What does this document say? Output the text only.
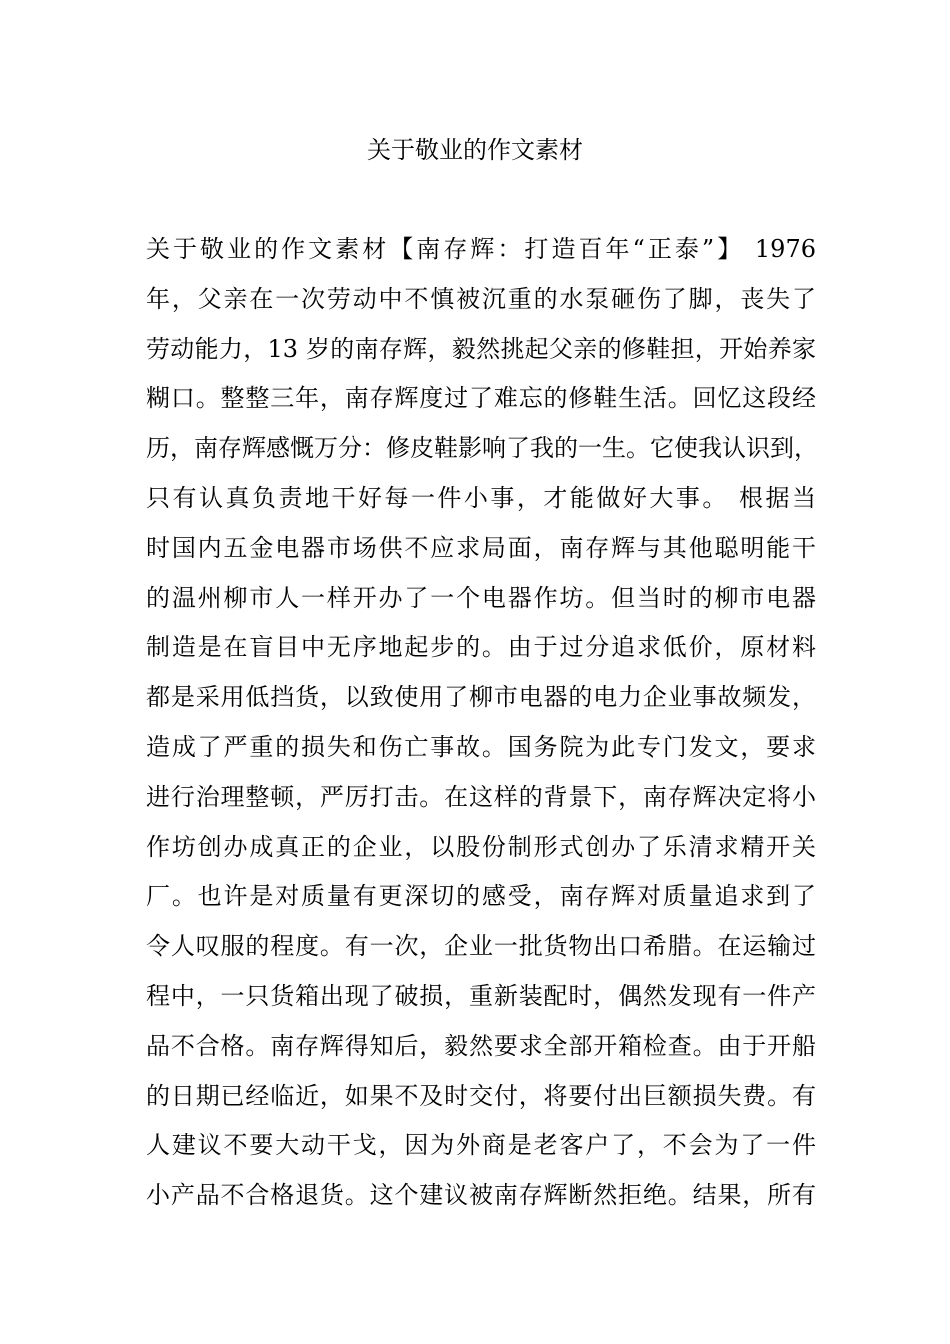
关于敬业的作文素材
关于敬业的作文素材【南存辉：打造百年“正泰”】 1976
年，父亲在一次劳动中不慎被沉重的水泵砸伤了脚，丧失了
劳动能力，13 岁的南存辉，毅然挑起父亲的修鞋担，开始养家
糊口。整整三年，南存辉度过了难忘的修鞋生活。回忆这段经
历，南存辉感慨万分：修皮鞋影响了我的一生。它使我认识到，
只有认真负责地干好每一件小事，才能做好大事。 根据当
时国内五金电器市场供不应求局面，南存辉与其他聪明能干
的温州柳市人一样开办了一个电器作坊。但当时的柳市电器
制造是在盲目中无序地起步的。由于过分追求低价，原材料
都是采用低挡货，以致使用了柳市电器的电力企业事故频发，
造成了严重的损失和伤亡事故。国务院为此专门发文，要求
进行治理整顿，严厉打击。在这样的背景下，南存辉决定将小
作坊创办成真正的企业，以股份制形式创办了乐清求精开关
厂。也许是对质量有更深切的感受，南存辉对质量追求到了
令人叹服的程度。有一次，企业一批货物出口希腊。在运输过
程中，一只货箱出现了破损，重新装配时，偶然发现有一件产
品不合格。南存辉得知后，毅然要求全部开箱检查。由于开船
的日期已经临近，如果不及时交付，将要付出巨额损失费。有
人建议不要大动干戈，因为外商是老客户了，不会为了一件
小产品不合格退货。这个建议被南存辉断然拒绝。结果，所有
